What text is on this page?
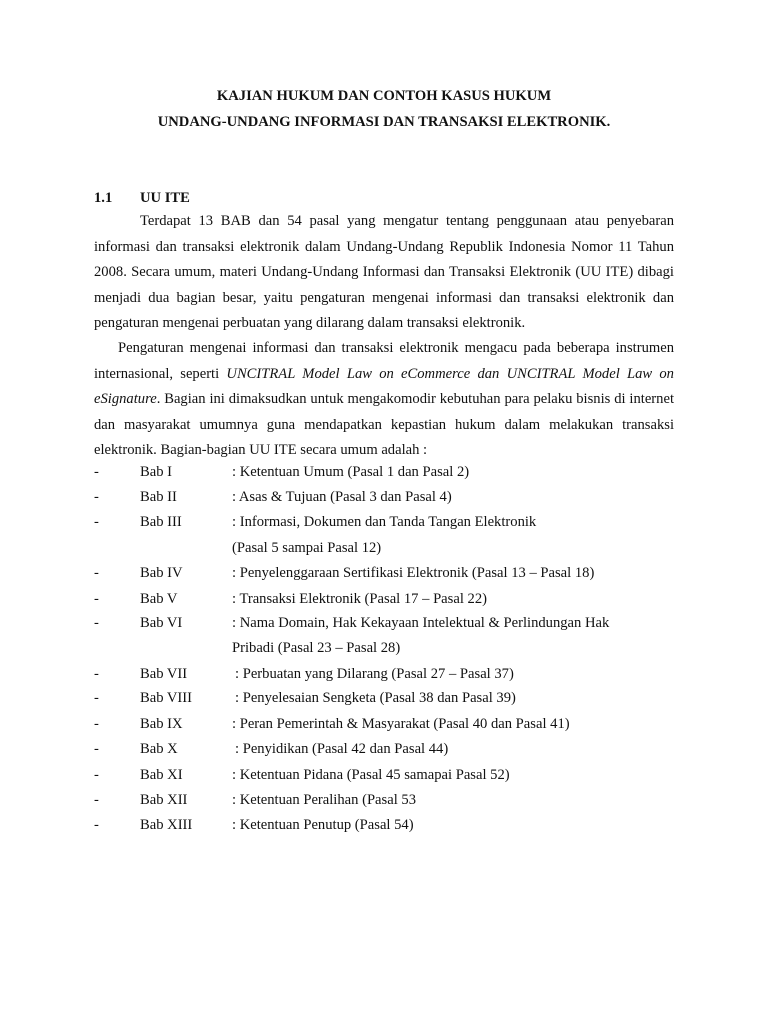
KAJIAN HUKUM DAN CONTOH KASUS HUKUM
UNDANG-UNDANG INFORMASI DAN TRANSAKSI ELEKTRONIK.
1.1 UU ITE
Terdapat 13 BAB dan 54 pasal yang mengatur tentang penggunaan atau penyebaran informasi dan transaksi elektronik dalam Undang-Undang Republik Indonesia Nomor 11 Tahun 2008. Secara umum, materi Undang-Undang Informasi dan Transaksi Elektronik (UU ITE) dibagi menjadi dua bagian besar, yaitu pengaturan mengenai informasi dan transaksi elektronik dan pengaturan mengenai perbuatan yang dilarang dalam transaksi elektronik.
Pengaturan mengenai informasi dan transaksi elektronik mengacu pada beberapa instrumen internasional, seperti UNCITRAL Model Law on eCommerce dan UNCITRAL Model Law on eSignature. Bagian ini dimaksudkan untuk mengakomodir kebutuhan para pelaku bisnis di internet dan masyarakat umumnya guna mendapatkan kepastian hukum dalam melakukan transaksi elektronik. Bagian-bagian UU ITE secara umum adalah :
-	Bab I	: Ketentuan Umum (Pasal 1 dan Pasal 2)
-	Bab II	: Asas & Tujuan (Pasal 3 dan Pasal 4)
-	Bab III	: Informasi, Dokumen dan Tanda Tangan Elektronik
(Pasal 5 sampai Pasal 12)
-	Bab IV	: Penyelenggaraan Sertifikasi Elektronik (Pasal 13 – Pasal 18)
-	Bab V	: Transaksi Elektronik (Pasal 17 – Pasal 22)
-	Bab VI	: Nama Domain, Hak Kekayaan Intelektual & Perlindungan Hak
Pribadi (Pasal 23 – Pasal 28)
-	Bab VII	: Perbuatan yang Dilarang (Pasal 27 – Pasal 37)
-	Bab VIII	: Penyelesaian Sengketa (Pasal 38 dan Pasal 39)
-	Bab IX	: Peran Pemerintah & Masyarakat (Pasal 40 dan Pasal 41)
-	Bab X	: Penyidikan (Pasal 42 dan Pasal 44)
-	Bab XI	: Ketentuan Pidana (Pasal 45 samapai Pasal 52)
-	Bab XII	: Ketentuan Peralihan (Pasal 53
-	Bab XIII	: Ketentuan Penutup (Pasal 54)
